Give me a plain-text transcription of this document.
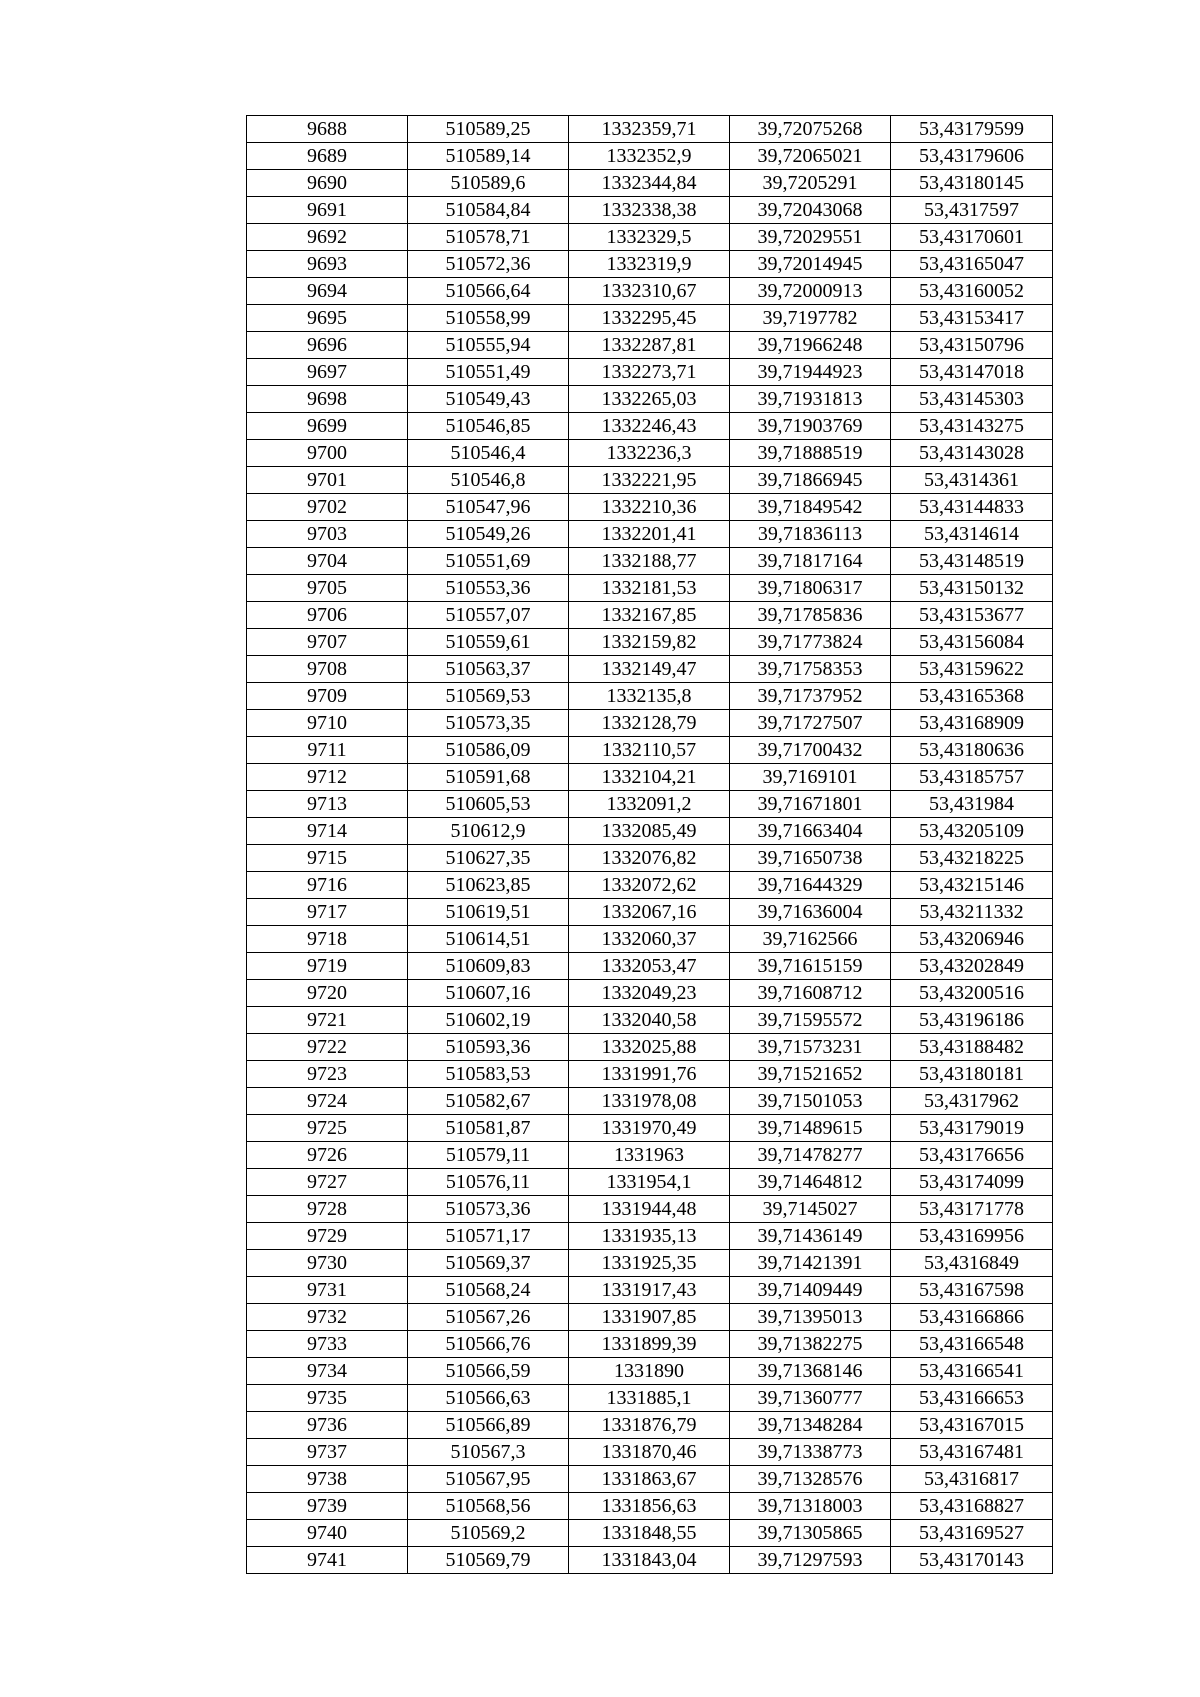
9688	510589,25	1332359,71	39,72075268	53,43179599
9689	510589,14	1332352,9	39,72065021	53,43179606
9690	510589,6	1332344,84	39,7205291	53,43180145
9691	510584,84	1332338,38	39,72043068	53,4317597
9692	510578,71	1332329,5	39,72029551	53,43170601
9693	510572,36	1332319,9	39,72014945	53,43165047
9694	510566,64	1332310,67	39,72000913	53,43160052
9695	510558,99	1332295,45	39,7197782	53,43153417
9696	510555,94	1332287,81	39,71966248	53,43150796
9697	510551,49	1332273,71	39,71944923	53,43147018
9698	510549,43	1332265,03	39,71931813	53,43145303
9699	510546,85	1332246,43	39,71903769	53,43143275
9700	510546,4	1332236,3	39,71888519	53,43143028
9701	510546,8	1332221,95	39,71866945	53,4314361
9702	510547,96	1332210,36	39,71849542	53,43144833
9703	510549,26	1332201,41	39,71836113	53,4314614
9704	510551,69	1332188,77	39,71817164	53,43148519
9705	510553,36	1332181,53	39,71806317	53,43150132
9706	510557,07	1332167,85	39,71785836	53,43153677
9707	510559,61	1332159,82	39,71773824	53,43156084
9708	510563,37	1332149,47	39,71758353	53,43159622
9709	510569,53	1332135,8	39,71737952	53,43165368
9710	510573,35	1332128,79	39,71727507	53,43168909
9711	510586,09	1332110,57	39,71700432	53,43180636
9712	510591,68	1332104,21	39,7169101	53,43185757
9713	510605,53	1332091,2	39,71671801	53,431984
9714	510612,9	1332085,49	39,71663404	53,43205109
9715	510627,35	1332076,82	39,71650738	53,43218225
9716	510623,85	1332072,62	39,71644329	53,43215146
9717	510619,51	1332067,16	39,71636004	53,43211332
9718	510614,51	1332060,37	39,7162566	53,43206946
9719	510609,83	1332053,47	39,71615159	53,43202849
9720	510607,16	1332049,23	39,71608712	53,43200516
9721	510602,19	1332040,58	39,71595572	53,43196186
9722	510593,36	1332025,88	39,71573231	53,43188482
9723	510583,53	1331991,76	39,71521652	53,43180181
9724	510582,67	1331978,08	39,71501053	53,4317962
9725	510581,87	1331970,49	39,71489615	53,43179019
9726	510579,11	1331963	39,71478277	53,43176656
9727	510576,11	1331954,1	39,71464812	53,43174099
9728	510573,36	1331944,48	39,7145027	53,43171778
9729	510571,17	1331935,13	39,71436149	53,43169956
9730	510569,37	1331925,35	39,71421391	53,4316849
9731	510568,24	1331917,43	39,71409449	53,43167598
9732	510567,26	1331907,85	39,71395013	53,43166866
9733	510566,76	1331899,39	39,71382275	53,43166548
9734	510566,59	1331890	39,71368146	53,43166541
9735	510566,63	1331885,1	39,71360777	53,43166653
9736	510566,89	1331876,79	39,71348284	53,43167015
9737	510567,3	1331870,46	39,71338773	53,43167481
9738	510567,95	1331863,67	39,71328576	53,4316817
9739	510568,56	1331856,63	39,71318003	53,43168827
9740	510569,2	1331848,55	39,71305865	53,43169527
9741	510569,79	1331843,04	39,71297593	53,43170143
